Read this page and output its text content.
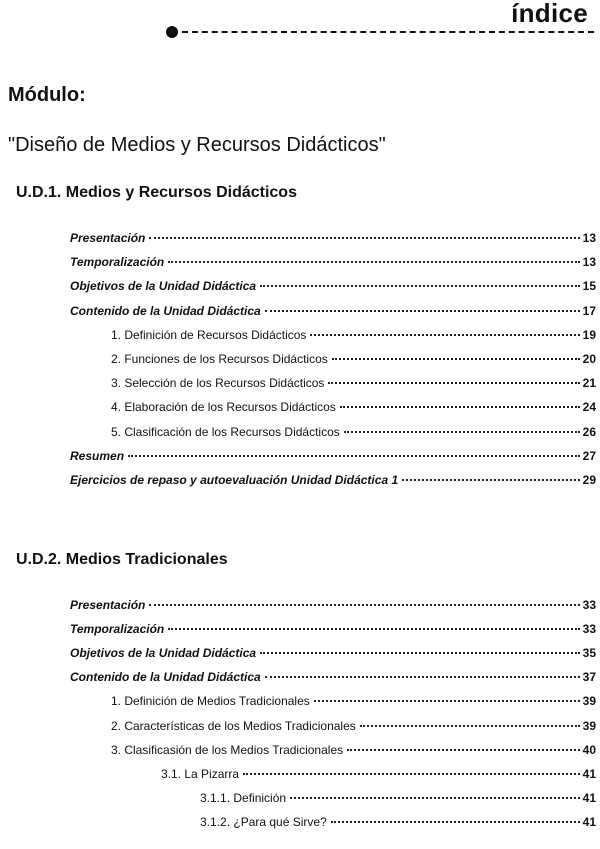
índice
Módulo:
"Diseño de Medios y Recursos Didácticos"
U.D.1. Medios y Recursos Didácticos
Presentación	13
Temporalización	13
Objetivos de la Unidad Didáctica	15
Contenido de la Unidad Didáctica	17
1. Definición de Recursos Didácticos	19
2. Funciones de los Recursos Didácticos	20
3. Selección de los Recursos Didácticos	21
4. Elaboración de los Recursos Didácticos	24
5. Clasificación de los Recursos Didácticos	26
Resumen	27
Ejercicios de repaso y autoevaluación Unidad Didáctica 1	29
U.D.2. Medios Tradicionales
Presentación	33
Temporalización	33
Objetivos de la Unidad Didáctica	35
Contenido de la Unidad Didáctica	37
1. Definición de Medios Tradicionales	39
2. Características de los Medios Tradicionales	39
3. Clasificasión de los Medios Tradicionales	40
3.1. La Pizarra	41
3.1.1. Definición	41
3.1.2. ¿Para qué Sirve?	41
